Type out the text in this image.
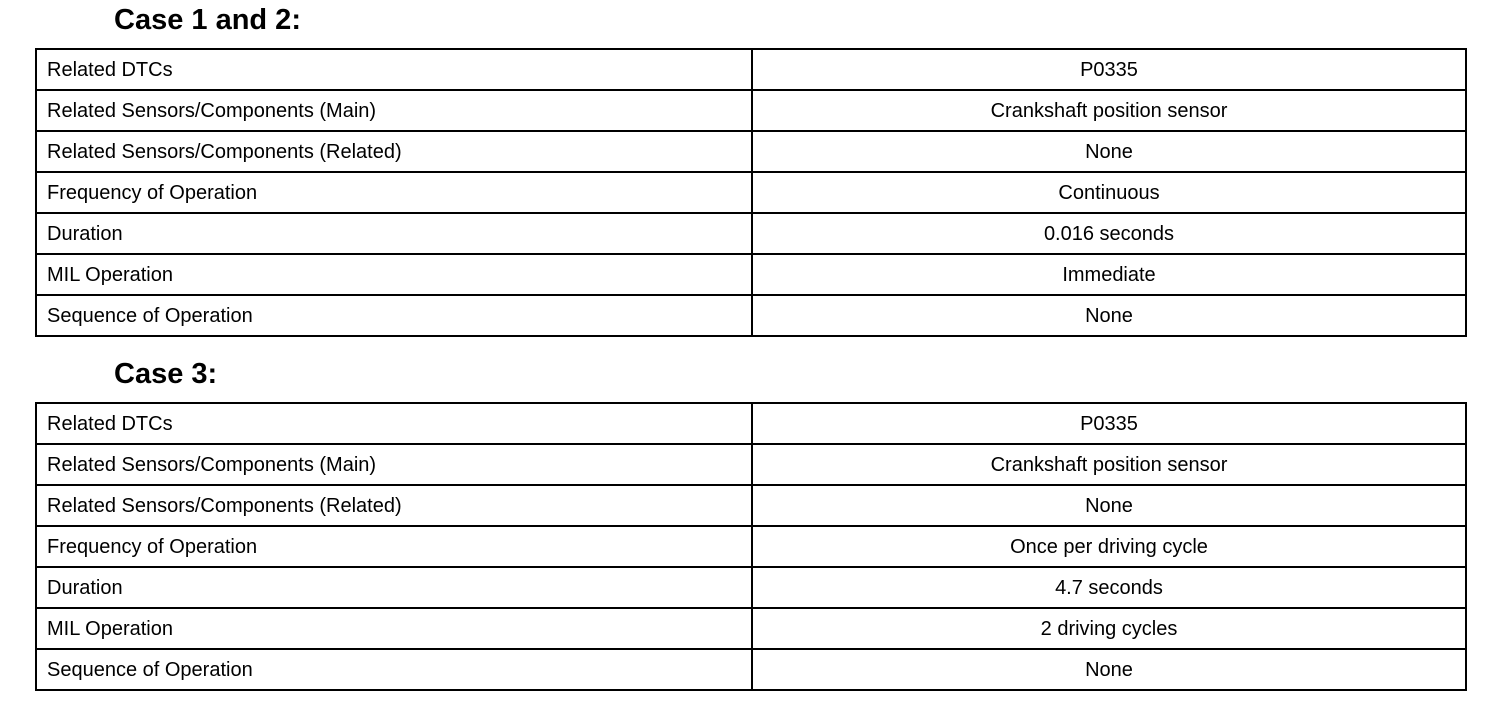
Case 1 and 2:
Related DTCs	P0335
Related Sensors/Components (Main)	Crankshaft position sensor
Related Sensors/Components (Related)	None
Frequency of Operation	Continuous
Duration	0.016 seconds
MIL Operation	Immediate
Sequence of Operation	None
Case 3:
Related DTCs	P0335
Related Sensors/Components (Main)	Crankshaft position sensor
Related Sensors/Components (Related)	None
Frequency of Operation	Once per driving cycle
Duration	4.7 seconds
MIL Operation	2 driving cycles
Sequence of Operation	None
